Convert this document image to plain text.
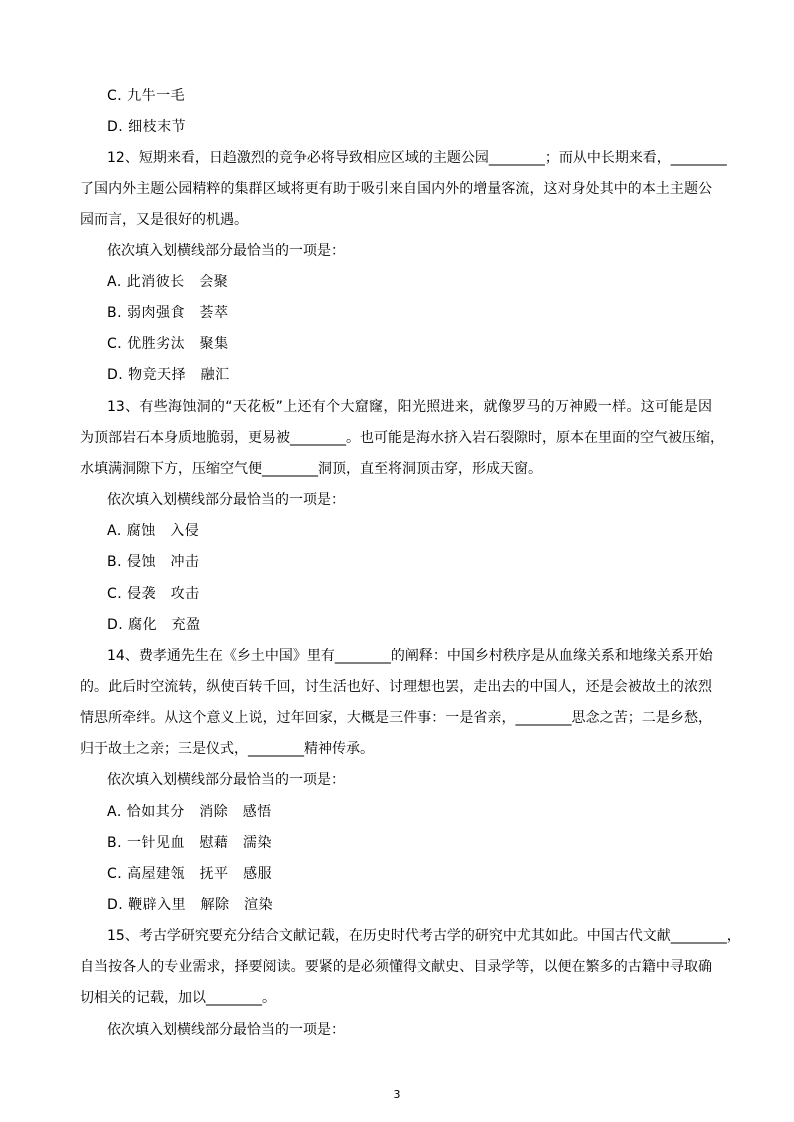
C. 九牛一毛
D. 细枝末节
12、短期来看，日趋激烈的竞争必将导致相应区域的主题公园________；而从中长期来看，________
了国内外主题公园精粹的集群区域将更有助于吸引来自国内外的增量客流，这对身处其中的本土主题公
园而言，又是很好的机遇。
依次填入划横线部分最恰当的一项是：
A. 此消彼长　会聚
B. 弱肉强食　荟萃
C. 优胜劣汰　聚集
D. 物竞天择　融汇
13、有些海蚀洞的“天花板”上还有个大窟窿，阳光照进来，就像罗马的万神殿一样。这可能是因
为顶部岩石本身质地脆弱，更易被________。也可能是海水挤入岩石裂隙时，原本在里面的空气被压缩，
水填满洞隙下方，压缩空气便________洞顶，直至将洞顶击穿，形成天窗。
依次填入划横线部分最恰当的一项是：
A. 腐蚀　入侵
B. 侵蚀　冲击
C. 侵袭　攻击
D. 腐化　充盈
14、费孝通先生在《乡土中国》里有________的阐释：中国乡村秩序是从血缘关系和地缘关系开始
的。此后时空流转，纵使百转千回，讨生活也好、讨理想也罢，走出去的中国人，还是会被故土的浓烈
情思所牵绊。从这个意义上说，过年回家，大概是三件事：一是省亲，________思念之苦；二是乡愁，
归于故土之亲；三是仪式，________精神传承。
依次填入划横线部分最恰当的一项是：
A. 恰如其分　消除　感悟
B. 一针见血　慰藉　濡染
C. 高屋建瓴　抚平　感服
D. 鞭辟入里　解除　渲染
15、考古学研究要充分结合文献记载，在历史时代考古学的研究中尤其如此。中国古代文献________，
自当按各人的专业需求，择要阅读。要紧的是必须懂得文献史、目录学等，以便在繁多的古籍中寻取确
切相关的记载，加以________。
依次填入划横线部分最恰当的一项是：
3
